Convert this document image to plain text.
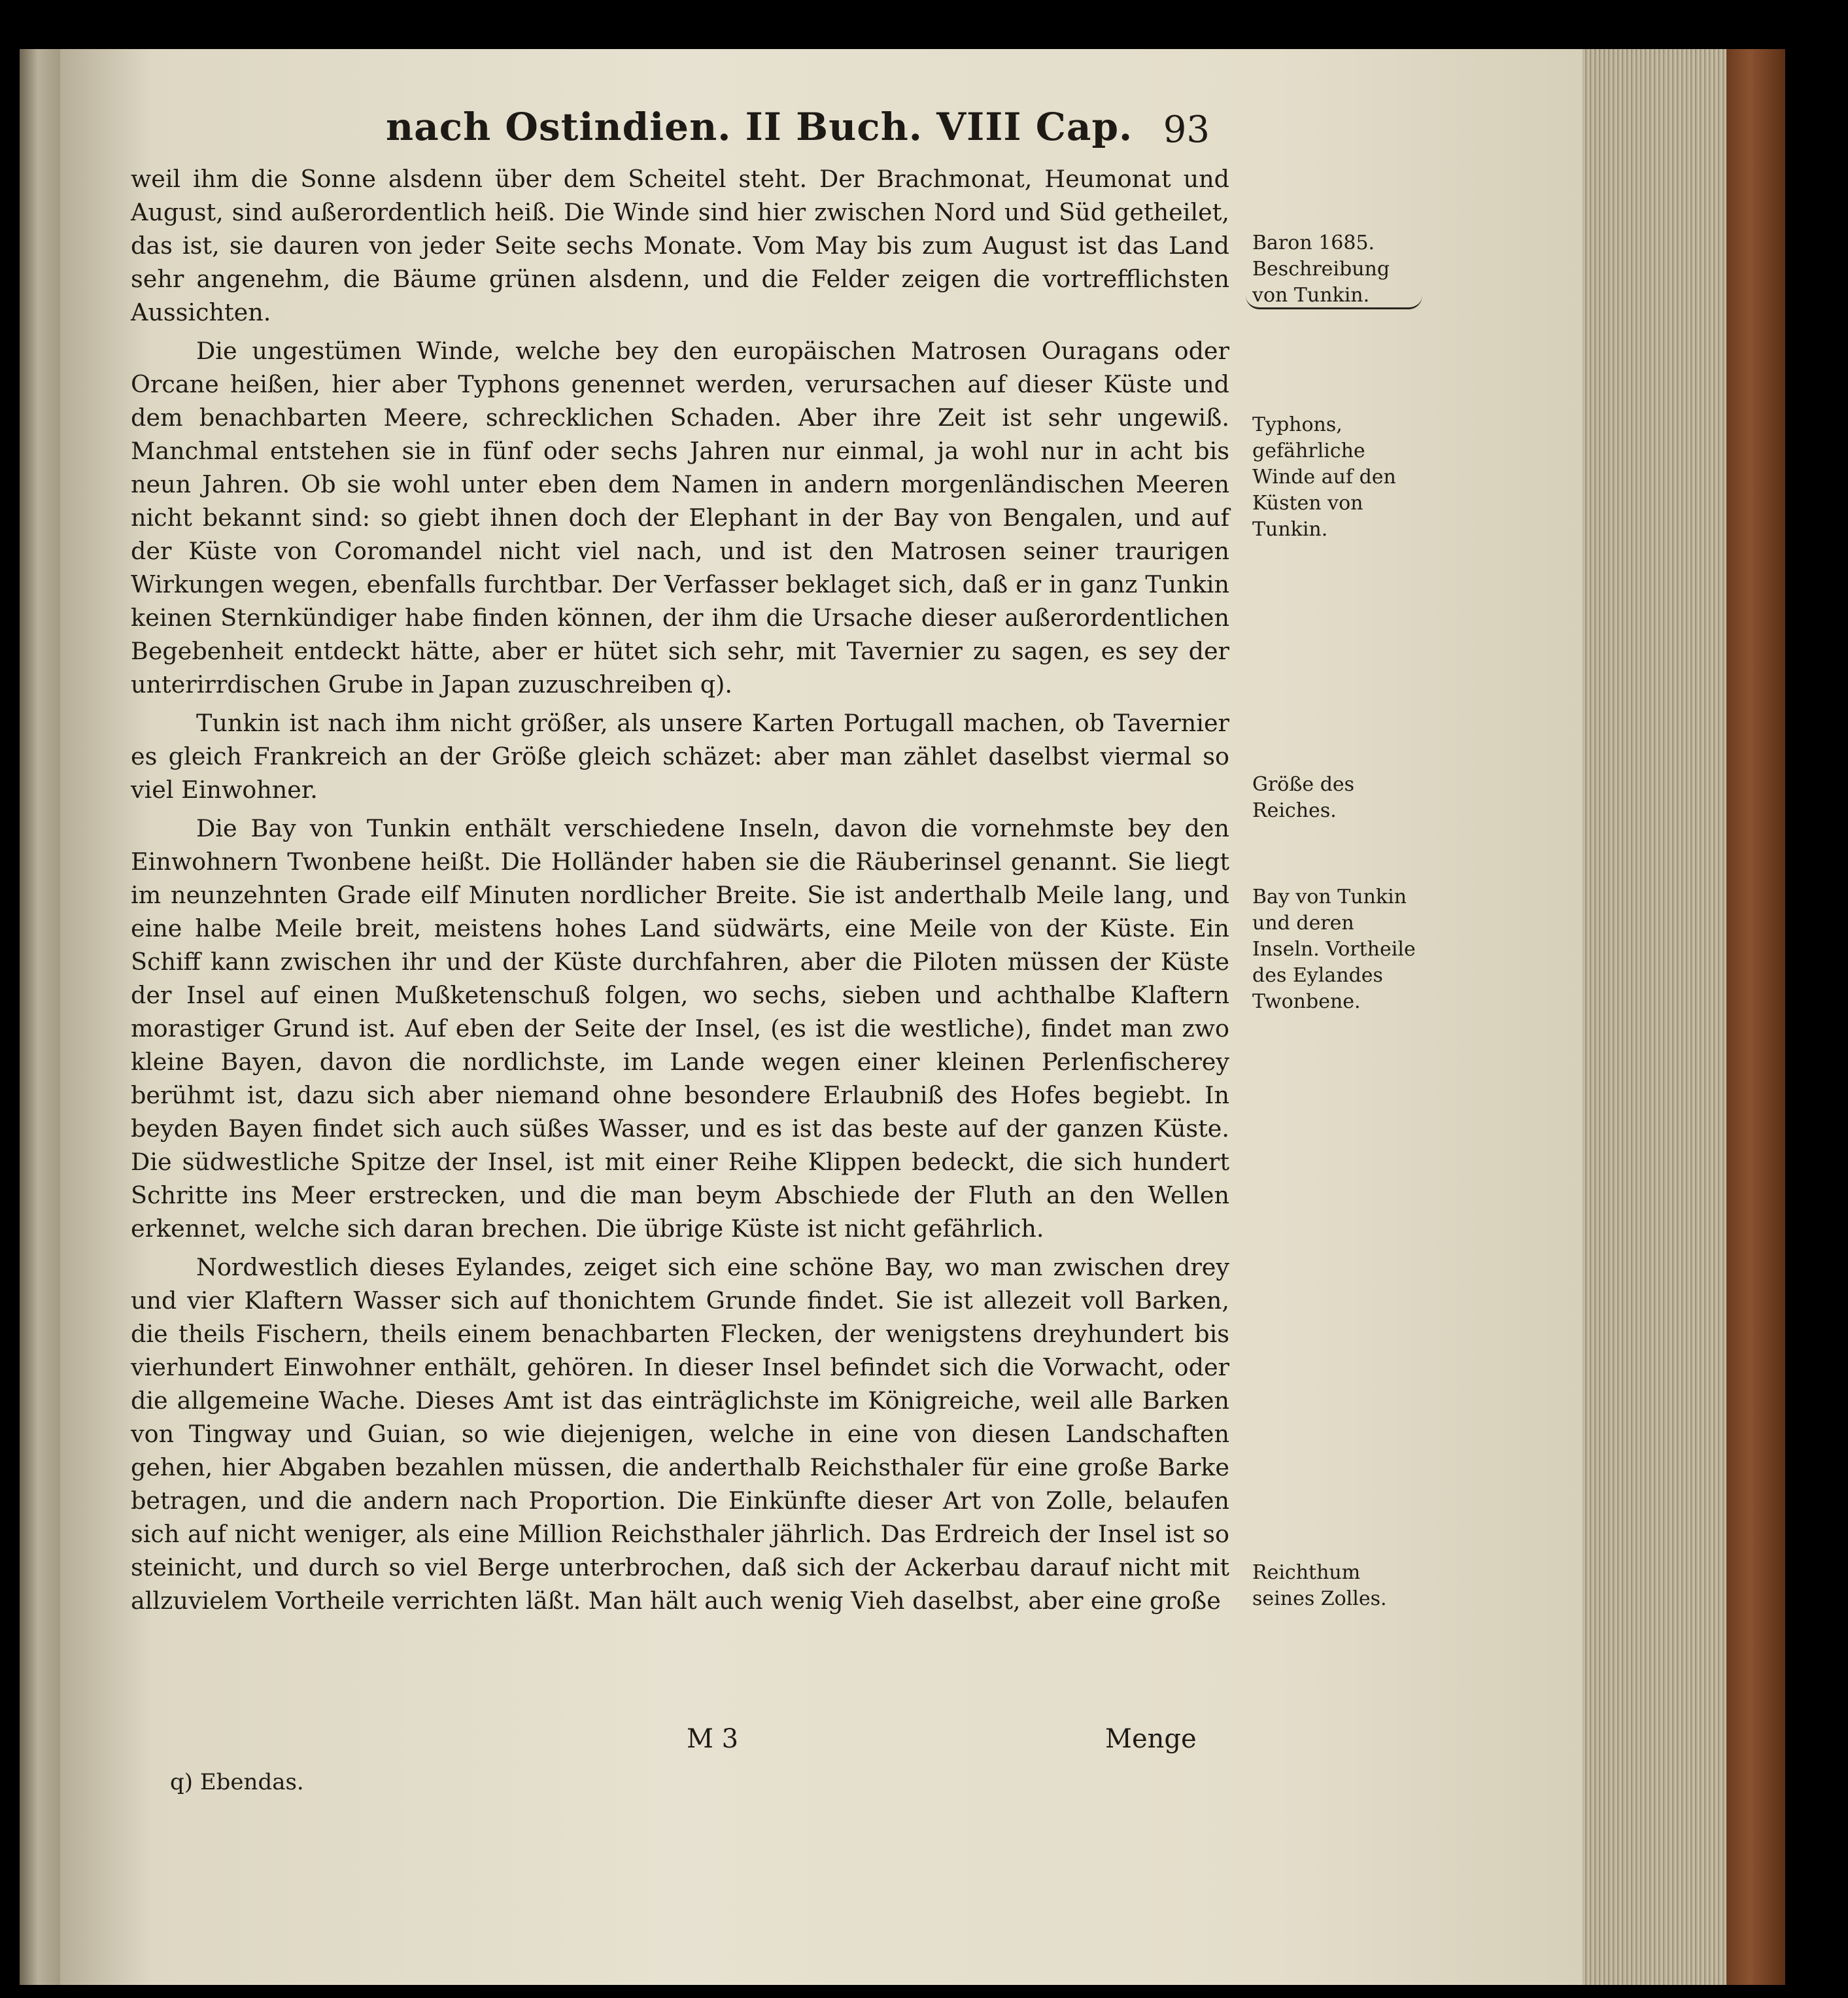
nach Ostindien. II Buch. VIII Cap. 93

weil ihm die Sonne alsdenn über dem Scheitel steht. Der Brachmonat, Heumonat und August, sind außerordentlich heiß. Die Winde sind hier zwischen Nord und Süd getheilet, das ist, sie dauren von jeder Seite sechs Monate. Vom May bis zum August ist das Land sehr angenehm, die Bäume grünen alsdenn, und die Felder zeigen die vortrefflichsten Aussichten.

Die ungestümen Winde, welche bey den europäischen Matrosen Ouragans oder Orcane heißen, hier aber Typhons genennet werden, verursachen auf dieser Küste und dem benachbarten Meere, schrecklichen Schaden. Aber ihre Zeit ist sehr ungewiß. Manchmal entstehen sie in fünf oder sechs Jahren nur einmal, ja wohl nur in acht bis neun Jahren. Ob sie wohl unter eben dem Namen in andern morgenländischen Meeren nicht bekannt sind: so giebt ihnen doch der Elephant in der Bay von Bengalen, und auf der Küste von Coromandel nicht viel nach, und ist den Matrosen seiner traurigen Wirkungen wegen, ebenfalls furchtbar. Der Verfasser beklaget sich, daß er in ganz Tunkin keinen Sternkündiger habe finden können, der ihm die Ursache dieser außerordentlichen Begebenheit entdeckt hätte, aber er hütet sich sehr, mit Tavernier zu sagen, es sey der unterirrdischen Grube in Japan zuzuschreiben q).

Tunkin ist nach ihm nicht größer, als unsere Karten Portugall machen, ob Tavernier es gleich Frankreich an der Größe gleich schäzet: aber man zählet daselbst viermal so viel Einwohner.

Die Bay von Tunkin enthält verschiedene Inseln, davon die vornehmste bey den Einwohnern Twonbene heißt. Die Holländer haben sie die Räuberinsel genannt. Sie liegt im neunzehnten Grade eilf Minuten nordlicher Breite. Sie ist anderthalb Meile lang, und eine halbe Meile breit, meistens hohes Land südwärts, eine Meile von der Küste. Ein Schiff kann zwischen ihr und der Küste durchfahren, aber die Piloten müssen der Küste der Insel auf einen Mußketenschuß folgen, wo sechs, sieben und achthalbe Klaftern morastiger Grund ist. Auf eben der Seite der Insel, (es ist die westliche), findet man zwo kleine Bayen, davon die nordlichste, im Lande wegen einer kleinen Perlenfischerey berühmt ist, dazu sich aber niemand ohne besondere Erlaubniß des Hofes begiebt. In beyden Bayen findet sich auch süßes Wasser, und es ist das beste auf der ganzen Küste. Die südwestliche Spitze der Insel, ist mit einer Reihe Klippen bedeckt, die sich hundert Schritte ins Meer erstrecken, und die man beym Abschiede der Fluth an den Wellen erkennet, welche sich daran brechen. Die übrige Küste ist nicht gefährlich.

Nordwestlich dieses Eylandes, zeiget sich eine schöne Bay, wo man zwischen drey und vier Klaftern Wasser sich auf thonichtem Grunde findet. Sie ist allezeit voll Barken, die theils Fischern, theils einem benachbarten Flecken, der wenigstens dreyhundert bis vierhundert Einwohner enthält, gehören. In dieser Insel befindet sich die Vorwacht, oder die allgemeine Wache. Dieses Amt ist das einträglichste im Königreiche, weil alle Barken von Tingway und Guian, so wie diejenigen, welche in eine von diesen Landschaften gehen, hier Abgaben bezahlen müssen, die anderthalb Reichsthaler für eine große Barke betragen, und die andern nach Proportion. Die Einkünfte dieser Art von Zolle, belaufen sich auf nicht weniger, als eine Million Reichsthaler jährlich. Das Erdreich der Insel ist so steinicht, und durch so viel Berge unterbrochen, daß sich der Ackerbau darauf nicht mit allzuvielem Vortheile verrichten läßt. Man hält auch wenig Vieh daselbst, aber eine große

M 3	Menge
q) Ebendas.
Baron 1685. Beschreibung von Tunkin.
Typhons, gefährliche Winde auf den Küsten von Tunkin.
Größe des Reiches.
Bay von Tunkin und deren Inseln. Vortheile des Eylandes Twonbene.
Reichthum seines Zolles.
